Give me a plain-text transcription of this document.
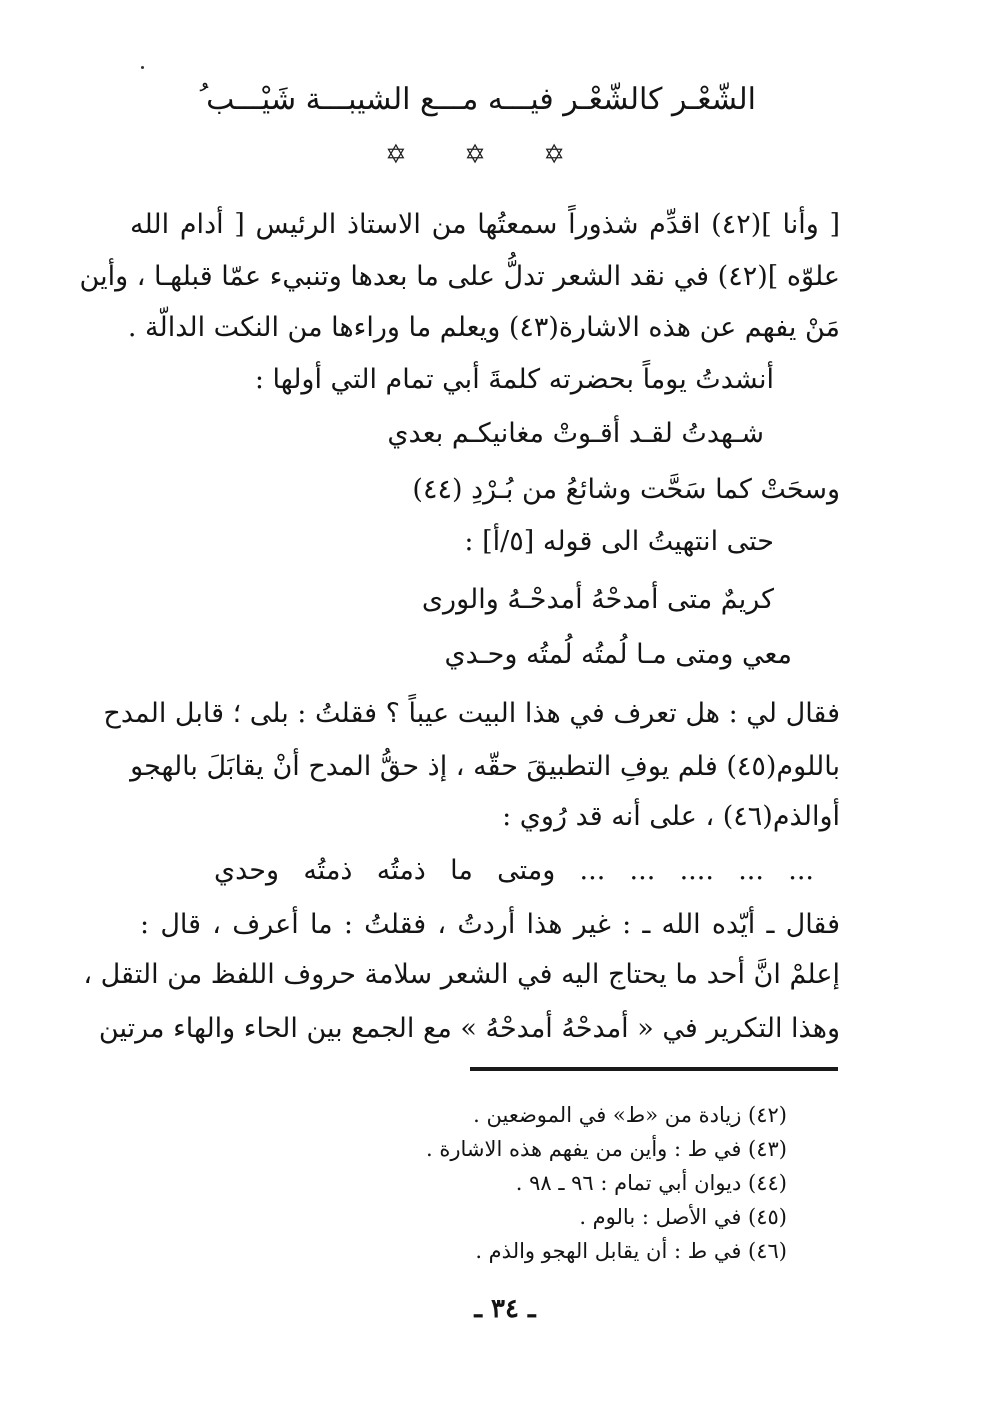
الشّعْـر كالشّعْـر فيـــه مـــع الشيبـــة شَيْـــب ُ
✡ ✡ ✡
[ وأنا ](٤٢) اقدِّم شذوراً سمعتُها من الاستاذ الرئيس [ أدام الله
علوّه ](٤٢) في نقد الشعر تدلُّ على ما بعدها وتنبيء عمّا قبلهـا ، وأين
مَنْ يفهم عن هذه الاشارة(٤٣) ويعلم ما وراءها من النكت الدالّة .
أنشدتُ يوماً بحضرته كلمةَ أبي تمام التي أولها :
شـهدتُ لقـد أقـوتْ مغانيكـم بعدي
وسحَتْ كما سَحَّت وشائعُ من بُـرْدِ (٤٤)
حتى انتهيتُ الى قوله [٥/أ] :
كريمٌ متى أمدحْهُ أمدحْـهُ والورى
معي ومتى مـا لُمتُه لُمتُه وحـدي
فقال لي : هل تعرف في هذا البيت عيباً ؟ فقلتُ : بلى ؛ قابل المدح
باللوم(٤٥) فلم يوفِ التطبيقَ حقّه ، إذ حقُّ المدح أنْ يقابَلَ بالهجو
أوالذم(٤٦) ، على أنه قد رُوي :
... ... .... ... ... ومتى ما ذمتُه ذمتُه وحدي
فقال ـ أيّده الله ـ : غير هذا أردتُ ، فقلتُ : ما أعرف ، قال :
إعلمْ انَّ أحد ما يحتاج اليه في الشعر سلامة حروف اللفظ من التقل ،
وهذا التكرير في « أمدحْهُ أمدحْهُ » مع الجمع بين الحاء والهاء مرتين
(٤٢) زيادة من «ط» في الموضعين .
(٤٣) في ط : وأين من يفهم هذه الاشارة .
(٤٤) ديوان أبي تمام : ٩٦ ـ ٩٨ .
(٤٥) في الأصل : بالوم .
(٤٦) في ط : أن يقابل الهجو والذم .
ـ ٣٤ ـ
